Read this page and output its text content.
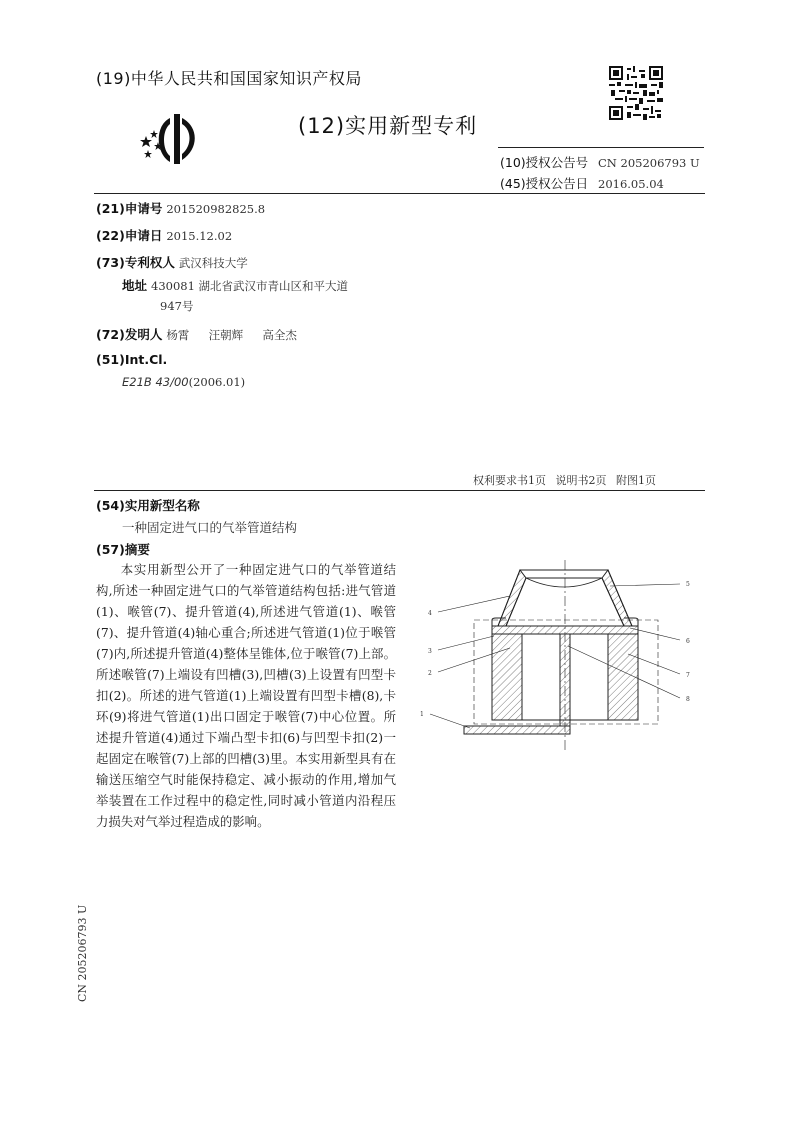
(19)中华人民共和国国家知识产权局
(12)实用新型专利
(10)授权公告号 CN 205206793 U
(45)授权公告日 2016.05.04
(21)申请号 201520982825.8
(22)申请日 2015.12.02
(73)专利权人 武汉科技大学
地址 430081 湖北省武汉市青山区和平大道
947号
(72)发明人 杨霄  汪朝辉  高全杰
(51)Int.Cl.
E21B 43/00(2006.01)
权利要求书1页 说明书2页 附图1页
(54)实用新型名称
一种固定进气口的气举管道结构
(57)摘要
本实用新型公开了一种固定进气口的气举管道结构,所述一种固定进气口的气举管道结构包括:进气管道(1)、喉管(7)、提升管道(4),所述进气管道(1)、喉管(7)、提升管道(4)轴心重合;所述进气管道(1)位于喉管(7)内,所述提升管道(4)整体呈锥体,位于喉管(7)上部。所述喉管(7)上端设有凹槽(3),凹槽(3)上设置有凹型卡扣(2)。所述的进气管道(1)上端设置有凹型卡槽(8),卡环(9)将进气管道(1)出口固定于喉管(7)中心位置。所述提升管道(4)通过下端凸型卡扣(6)与凹型卡扣(2)一起固定在喉管(7)上部的凹槽(3)里。本实用新型具有在输送压缩空气时能保持稳定、减小振动的作用,增加气举装置在工作过程中的稳定性,同时减小管道内沿程压力损失对气举过程造成的影响。
5
4
6
3
2	7
8
1
CN 205206793 U
